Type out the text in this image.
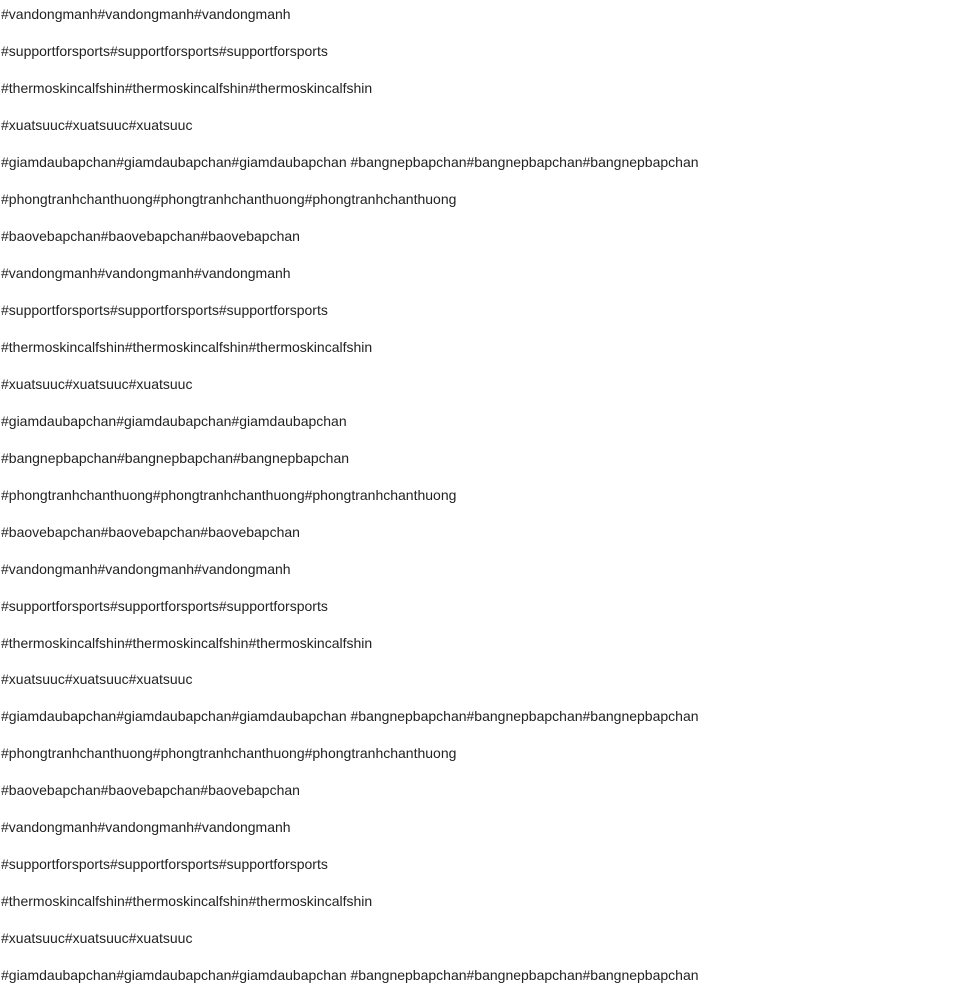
#vandongmanh#vandongmanh#vandongmanh
#supportforsports#supportforsports#supportforsports
#thermoskincalfshin#thermoskincalfshin#thermoskincalfshin
#xuatsuuc#xuatsuuc#xuatsuuc
#giamdaubapchan#giamdaubapchan#giamdaubapchan #bangnepbapchan#bangnepbapchan#bangnepbapchan
#phongtranhchanthuong#phongtranhchanthuong#phongtranhchanthuong
#baovebapchan#baovebapchan#baovebapchan
#vandongmanh#vandongmanh#vandongmanh
#supportforsports#supportforsports#supportforsports
#thermoskincalfshin#thermoskincalfshin#thermoskincalfshin
#xuatsuuc#xuatsuuc#xuatsuuc
#giamdaubapchan#giamdaubapchan#giamdaubapchan
#bangnepbapchan#bangnepbapchan#bangnepbapchan
#phongtranhchanthuong#phongtranhchanthuong#phongtranhchanthuong
#baovebapchan#baovebapchan#baovebapchan
#vandongmanh#vandongmanh#vandongmanh
#supportforsports#supportforsports#supportforsports
#thermoskincalfshin#thermoskincalfshin#thermoskincalfshin
#xuatsuuc#xuatsuuc#xuatsuuc
#giamdaubapchan#giamdaubapchan#giamdaubapchan #bangnepbapchan#bangnepbapchan#bangnepbapchan
#phongtranhchanthuong#phongtranhchanthuong#phongtranhchanthuong
#baovebapchan#baovebapchan#baovebapchan
#vandongmanh#vandongmanh#vandongmanh
#supportforsports#supportforsports#supportforsports
#thermoskincalfshin#thermoskincalfshin#thermoskincalfshin
#xuatsuuc#xuatsuuc#xuatsuuc
#giamdaubapchan#giamdaubapchan#giamdaubapchan #bangnepbapchan#bangnepbapchan#bangnepbapchan
